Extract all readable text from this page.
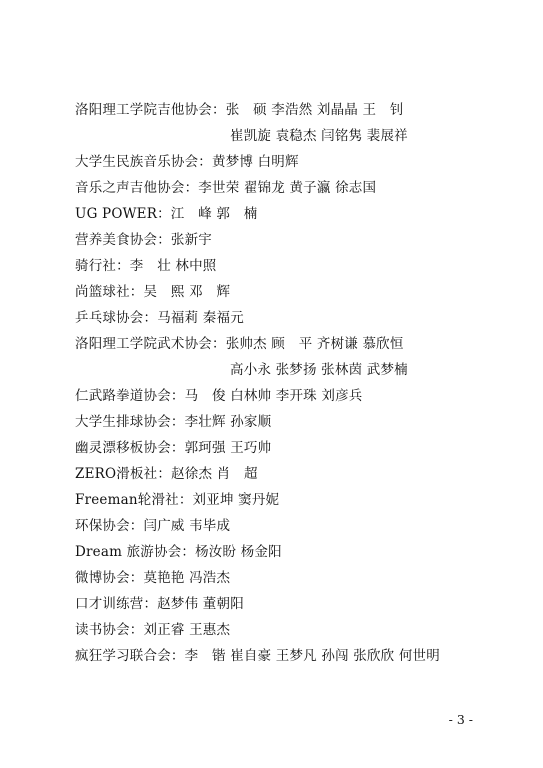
洛阳理工学院吉他协会：张　硕 李浩然 刘晶晶 王　钊
崔凯旋 袁稳杰 闫铭隽 裴展祥
大学生民族音乐协会：黄梦博 白明辉
音乐之声吉他协会：李世荣 翟锦龙 黄子瀛 徐志国
UG POWER：江　峰 郭　楠
营养美食协会：张新宇
骑行社：李　壮 林中照
尚篮球社：吴　熙 邓　辉
乒乓球协会：马福莉 秦福元
洛阳理工学院武术协会：张帅杰 顾　平 齐树谦 慕欣恒
高小永 张梦扬 张林茵 武梦楠
仁武路拳道协会：马　俊 白林帅 李开珠 刘彦兵
大学生排球协会：李壮辉 孙家顺
幽灵漂移板协会：郭珂强 王巧帅
ZERO滑板社：赵徐杰 肖　超
Freeman轮滑社：刘亚坤 窦丹妮
环保协会：闫广威 韦毕成
Dream 旅游协会：杨汝盼 杨金阳
微博协会：莫艳艳 冯浩杰
口才训练营：赵梦伟 董朝阳
读书协会：刘正睿 王惠杰
疯狂学习联合会：李　锴 崔自豪 王梦凡 孙闯 张欣欣 何世明
- 3 -
